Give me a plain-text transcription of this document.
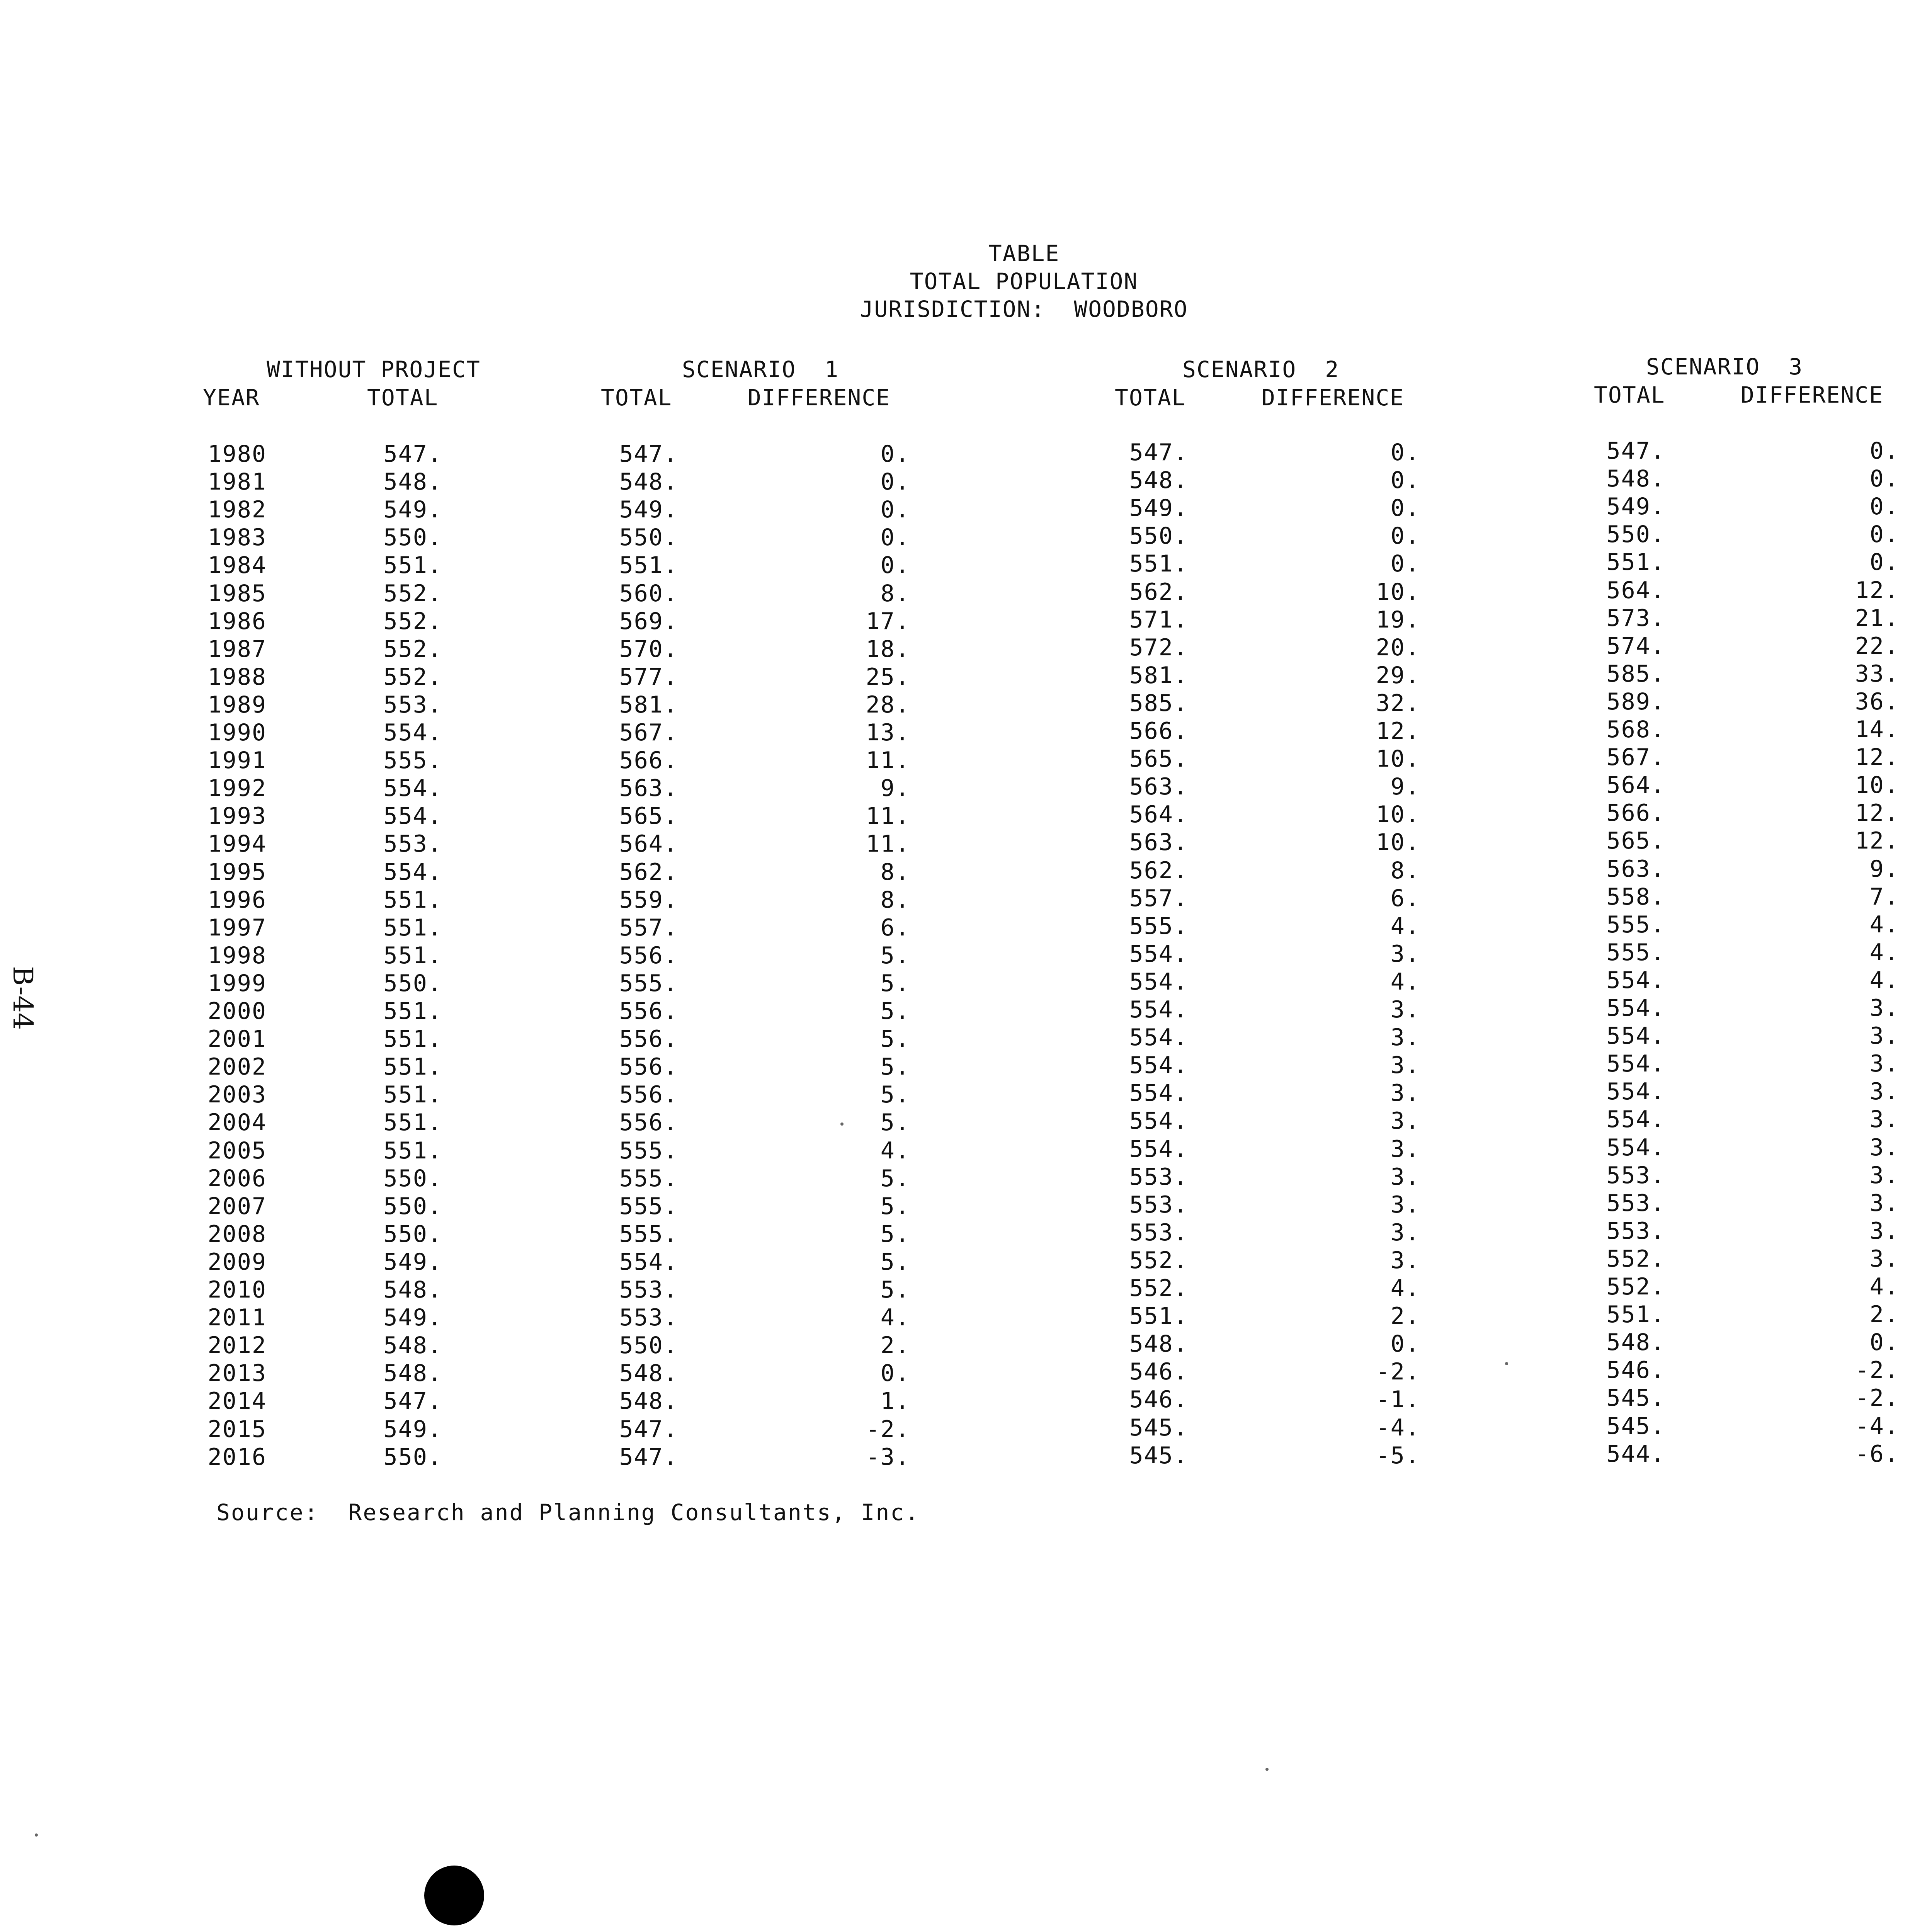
TABLE
TOTAL POPULATION
JURISDICTION:  WOODBORO
WITHOUT PROJECT	SCENARIO  1	SCENARIO  2	SCENARIO  3
YEAR	TOTAL	TOTAL	DIFFERENCE	TOTAL	DIFFERENCE	TOTAL	DIFFERENCE
1980	547.	547.	0.	547.	0.	547.	0.
1981	548.	548.	0.	548.	0.	548.	0.
1982	549.	549.	0.	549.	0.	549.	0.
1983	550.	550.	0.	550.	0.	550.	0.
1984	551.	551.	0.	551.	0.	551.	0.
1985	552.	560.	8.	562.	10.	564.	12.
1986	552.	569.	17.	571.	19.	573.	21.
1987	552.	570.	18.	572.	20.	574.	22.
1988	552.	577.	25.	581.	29.	585.	33.
1989	553.	581.	28.	585.	32.	589.	36.
1990	554.	567.	13.	566.	12.	568.	14.
1991	555.	566.	11.	565.	10.	567.	12.
1992	554.	563.	9.	563.	9.	564.	10.
1993	554.	565.	11.	564.	10.	566.	12.
1994	553.	564.	11.	563.	10.	565.	12.
1995	554.	562.	8.	562.	8.	563.	9.
1996	551.	559.	8.	557.	6.	558.	7.
1997	551.	557.	6.	555.	4.	555.	4.
1998	551.	556.	5.	554.	3.	555.	4.
1999	550.	555.	5.	554.	4.	554.	4.
2000	551.	556.	5.	554.	3.	554.	3.
2001	551.	556.	5.	554.	3.	554.	3.
2002	551.	556.	5.	554.	3.	554.	3.
2003	551.	556.	5.	554.	3.	554.	3.
2004	551.	556.	5.	554.	3.	554.	3.
2005	551.	555.	4.	554.	3.	554.	3.
2006	550.	555.	5.	553.	3.	553.	3.
2007	550.	555.	5.	553.	3.	553.	3.
2008	550.	555.	5.	553.	3.	553.	3.
2009	549.	554.	5.	552.	3.	552.	3.
2010	548.	553.	5.	552.	4.	552.	4.
2011	549.	553.	4.	551.	2.	551.	2.
2012	548.	550.	2.	548.	0.	548.	0.
2013	548.	548.	0.	546.	-2.	546.	-2.
2014	547.	548.	1.	546.	-1.	545.	-2.
2015	549.	547.	-2.	545.	-4.	545.	-4.
2016	550.	547.	-3.	545.	-5.	544.	-6.
Source:  Research and Planning Consultants, Inc.
B-44
